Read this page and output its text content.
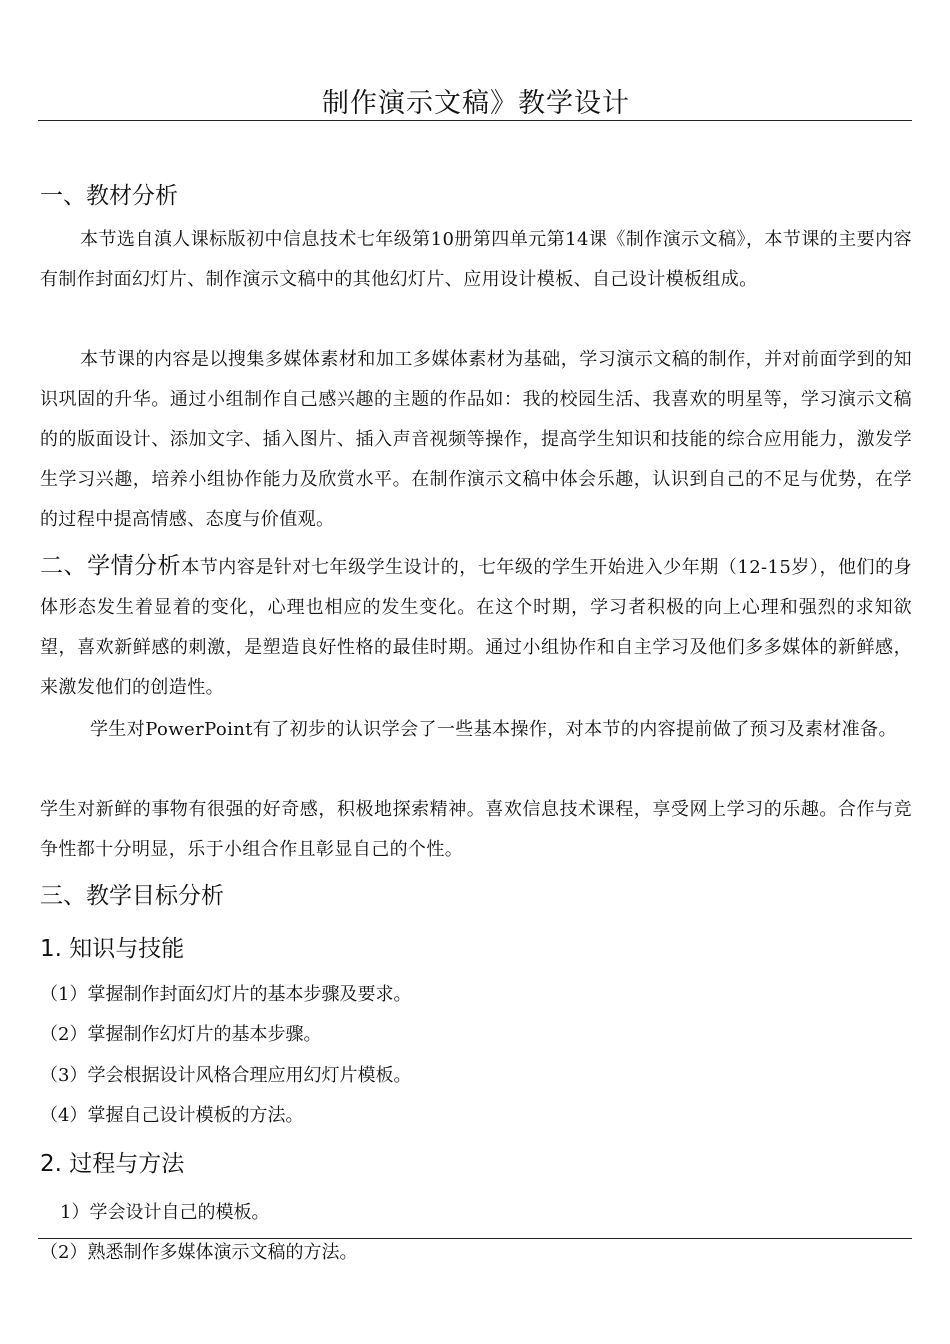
制作演示文稿》教学设计
一、教材分析
本节选自滇人课标版初中信息技术七年级第10册第四单元第14课《制作演示文稿》，本节课的主要内容有制作封面幻灯片、制作演示文稿中的其他幻灯片、应用设计模板、自己设计模板组成。
本节课的内容是以搜集多媒体素材和加工多媒体素材为基础，学习演示文稿的制作，并对前面学到的知识巩固的升华。通过小组制作自己感兴趣的主题的作品如：我的校园生活、我喜欢的明星等，学习演示文稿的的版面设计、添加文字、插入图片、插入声音视频等操作，提高学生知识和技能的综合应用能力，激发学生学习兴趣，培养小组协作能力及欣赏水平。在制作演示文稿中体会乐趣，认识到自己的不足与优势，在学的过程中提高情感、态度与价值观。
二、学情分析本节内容是针对七年级学生设计的，七年级的学生开始进入少年期（12-15岁），他们的身体形态发生着显着的变化，心理也相应的发生变化。在这个时期，学习者积极的向上心理和强烈的求知欲望，喜欢新鲜感的刺激，是塑造良好性格的最佳时期。通过小组协作和自主学习及他们多多媒体的新鲜感，来激发他们的创造性。
学生对PowerPoint有了初步的认识学会了一些基本操作，对本节的内容提前做了预习及素材准备。
学生对新鲜的事物有很强的好奇感，积极地探索精神。喜欢信息技术课程，享受网上学习的乐趣。合作与竞争性都十分明显，乐于小组合作且彰显自己的个性。
三、教学目标分析
1. 知识与技能
（1）掌握制作封面幻灯片的基本步骤及要求。
（2）掌握制作幻灯片的基本步骤。
（3）学会根据设计风格合理应用幻灯片模板。
（4）掌握自己设计模板的方法。
2. 过程与方法
1）学会设计自己的模板。
（2）熟悉制作多媒体演示文稿的方法。
